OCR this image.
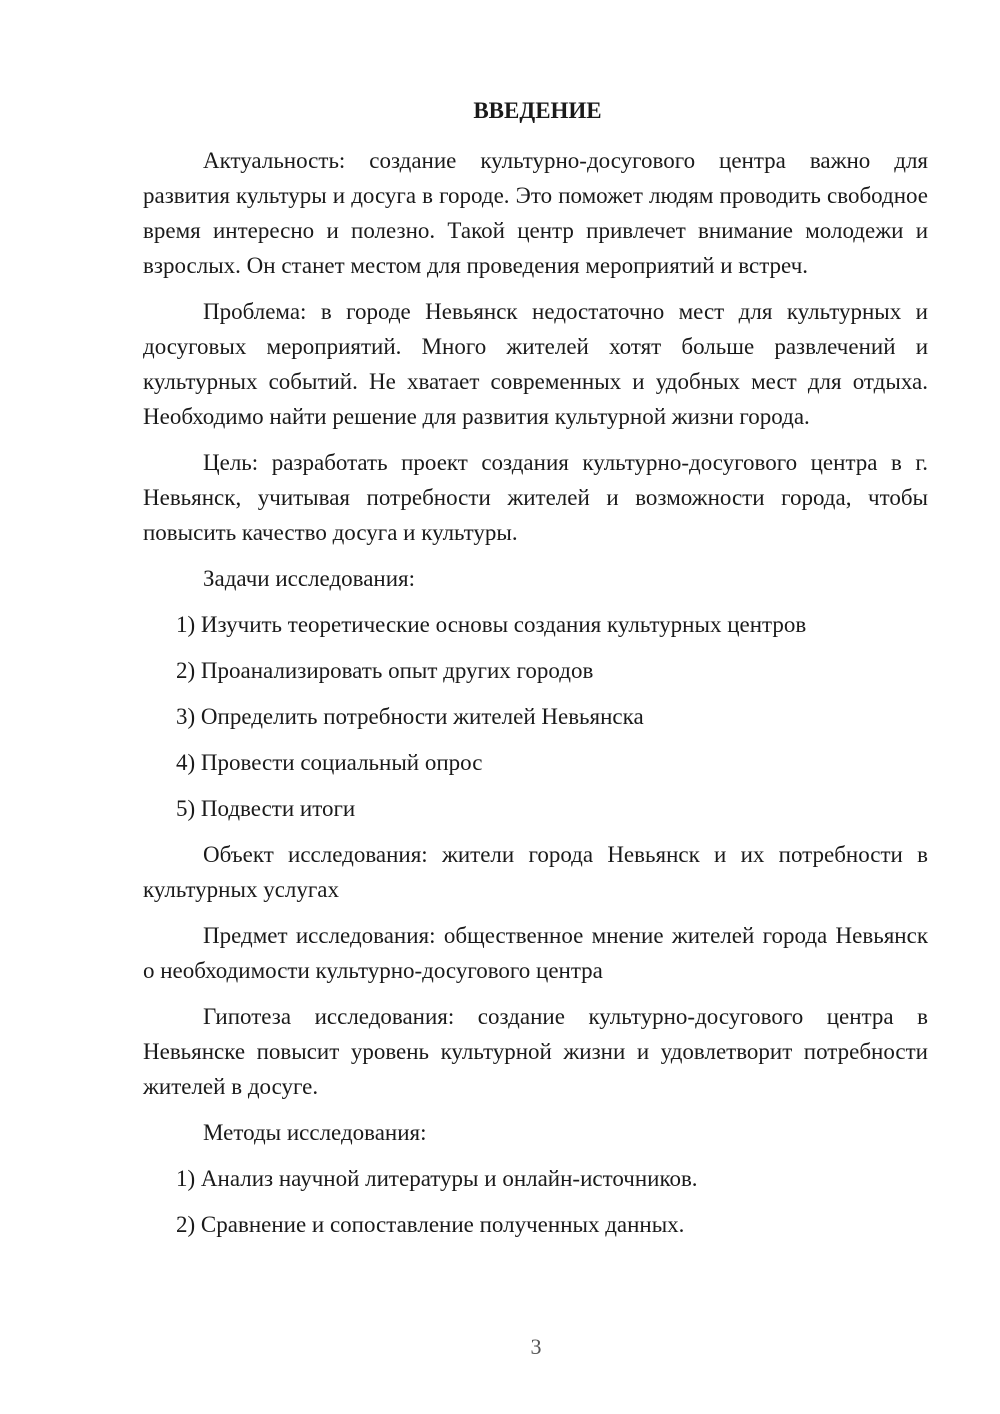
ВВЕДЕНИЕ

Актуальность: создание культурно-досугового центра важно для развития культуры и досуга в городе. Это поможет людям проводить свободное время интересно и полезно. Такой центр привлечет внимание молодежи и взрослых. Он станет местом для проведения мероприятий и встреч.

Проблема: в городе Невьянск недостаточно мест для культурных и досуговых мероприятий. Много жителей хотят больше развлечений и культурных событий. Не хватает современных и удобных мест для отдыха. Необходимо найти решение для развития культурной жизни города.

Цель: разработать проект создания культурно-досугового центра в г. Невьянск, учитывая потребности жителей и возможности города, чтобы повысить качество досуга и культуры.

Задачи исследования:

1) Изучить теоретические основы создания культурных центров

2) Проанализировать опыт других городов

3) Определить потребности жителей Невьянска

4) Провести социальный опрос

5) Подвести итоги

Объект исследования: жители города Невьянск и их потребности в культурных услугах

Предмет исследования: общественное мнение жителей города Невьянск о необходимости культурно-досугового центра

Гипотеза исследования: создание культурно-досугового центра в Невьянске повысит уровень культурной жизни и удовлетворит потребности жителей в досуге.

Методы исследования:

1) Анализ научной литературы и онлайн-источников.

2) Сравнение и сопоставление полученных данных.

3
